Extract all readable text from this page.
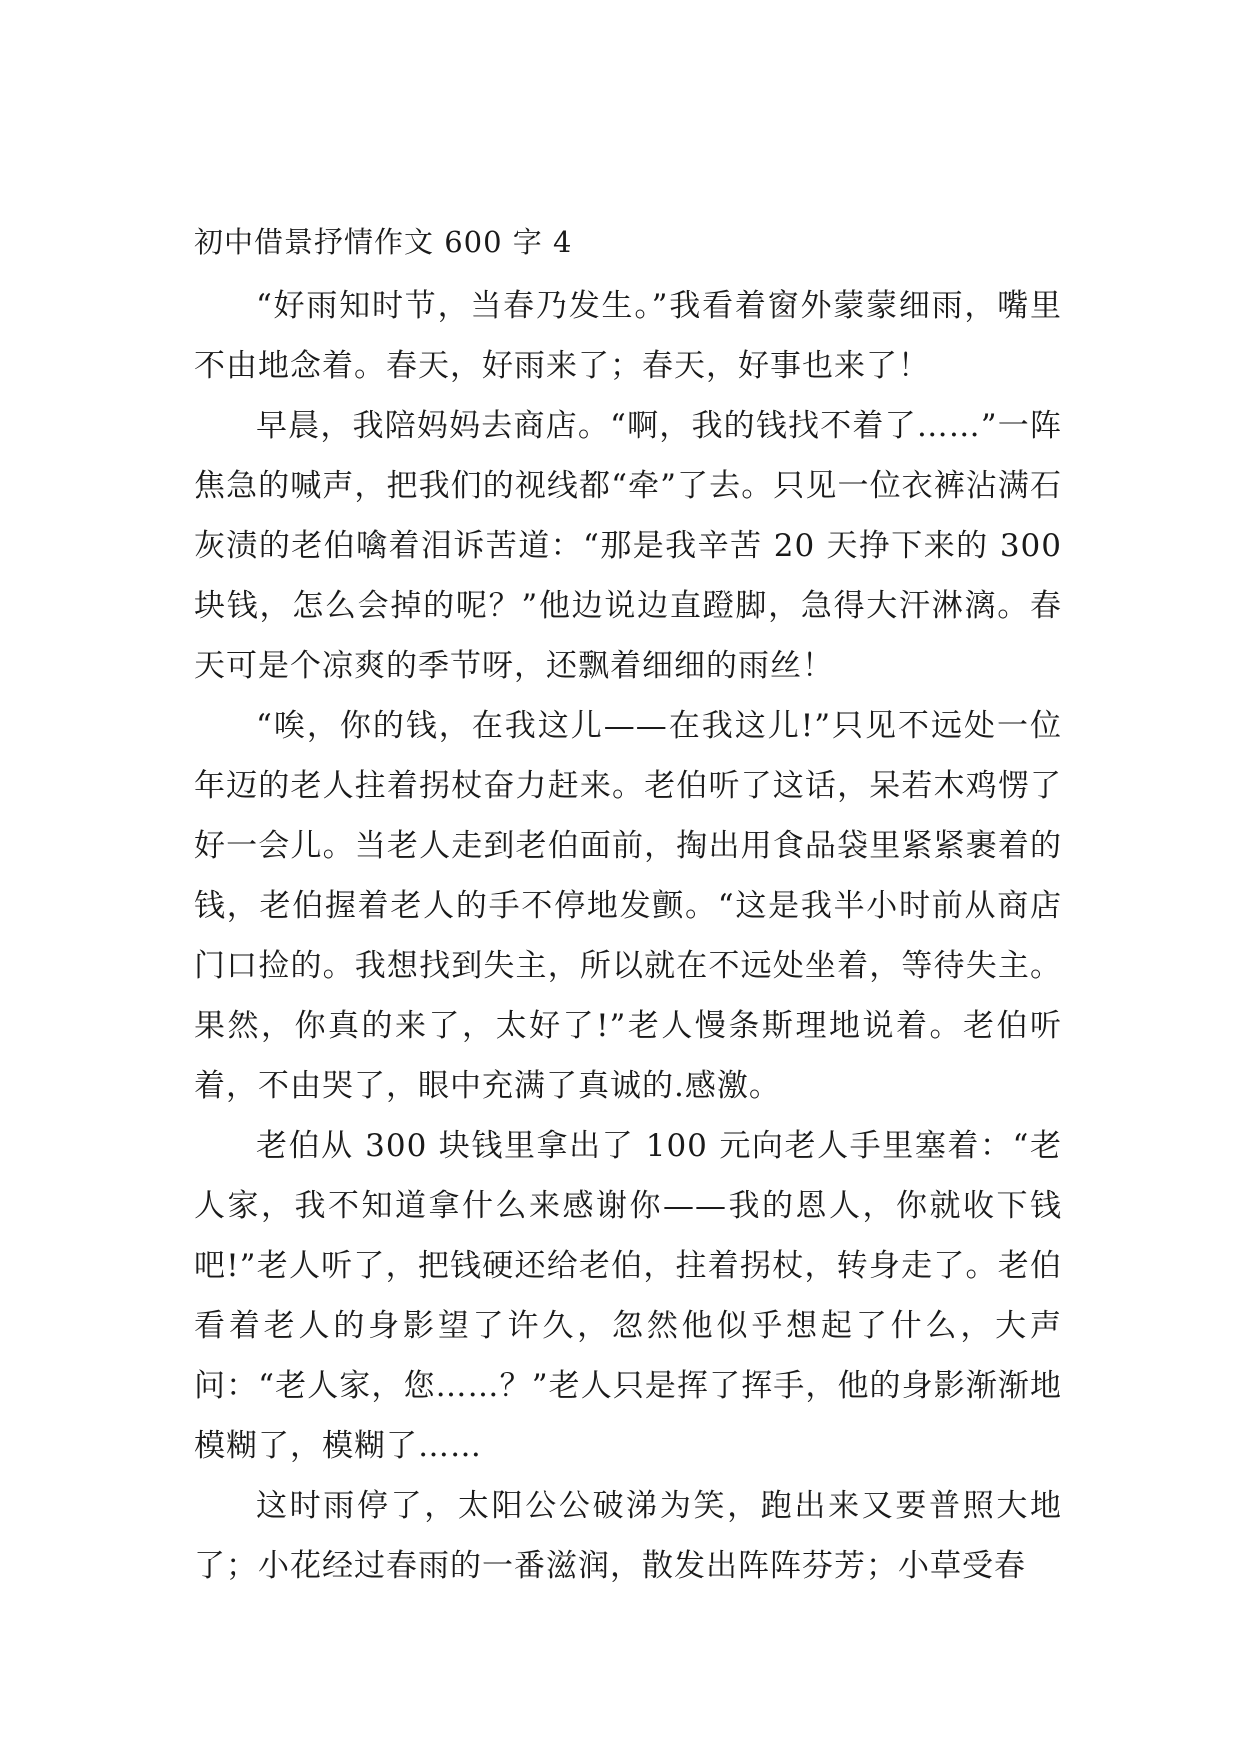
初中借景抒情作文 600 字 4

“好雨知时节，当春乃发生。”我看着窗外蒙蒙细雨，嘴里不由地念着。春天，好雨来了；春天，好事也来了！

早晨，我陪妈妈去商店。“啊，我的钱找不着了……”一阵焦急的喊声，把我们的视线都“牵”了去。只见一位衣裤沾满石灰渍的老伯噙着泪诉苦道：“那是我辛苦 20 天挣下来的 300 块钱，怎么会掉的呢？”他边说边直蹬脚，急得大汗淋漓。春天可是个凉爽的季节呀，还飘着细细的雨丝！

“唉，你的钱，在我这儿——在我这儿!”只见不远处一位年迈的老人拄着拐杖奋力赶来。老伯听了这话，呆若木鸡愣了好一会儿。当老人走到老伯面前，掏出用食品袋里紧紧裹着的钱，老伯握着老人的手不停地发颤。“这是我半小时前从商店门口捡的。我想找到失主，所以就在不远处坐着，等待失主。果然，你真的来了，太好了!”老人慢条斯理地说着。老伯听着，不由哭了，眼中充满了真诚的.感激。

老伯从 300 块钱里拿出了 100 元向老人手里塞着：“老人家，我不知道拿什么来感谢你——我的恩人，你就收下钱吧!”老人听了，把钱硬还给老伯，拄着拐杖，转身走了。老伯看着老人的身影望了许久，忽然他似乎想起了什么，大声问：“老人家，您……？”老人只是挥了挥手，他的身影渐渐地模糊了，模糊了……

这时雨停了，太阳公公破涕为笑，跑出来又要普照大地了；小花经过春雨的一番滋润，散发出阵阵芬芳；小草受春
